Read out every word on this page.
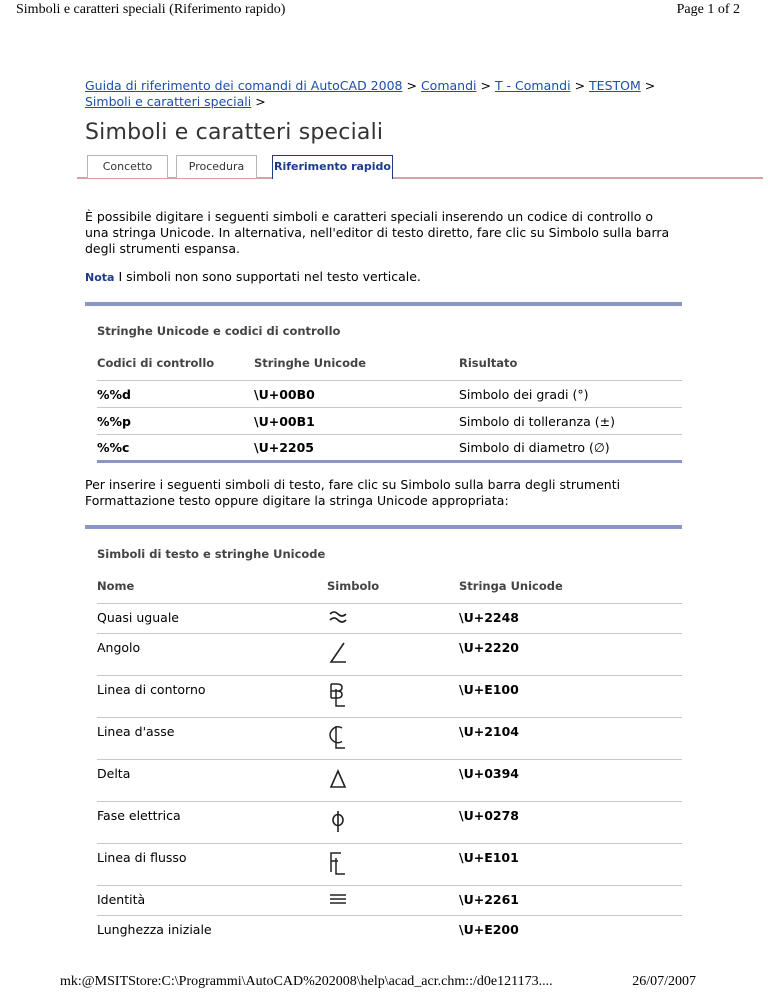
Simboli e caratteri speciali (Riferimento rapido)	Page 1 of 2
Guida di riferimento dei comandi di AutoCAD 2008 > Comandi > T - Comandi > TESTOM > Simboli e caratteri speciali >
Simboli e caratteri speciali
Concetto	Procedura	Riferimento rapido

È possibile digitare i seguenti simboli e caratteri speciali inserendo un codice di controllo o una stringa Unicode. In alternativa, nell'editor di testo diretto, fare clic su Simbolo sulla barra degli strumenti espansa.

Nota I simboli non sono supportati nel testo verticale.

Stringhe Unicode e codici di controllo
Codici di controllo	Stringhe Unicode	Risultato
%%d	\U+00B0	Simbolo dei gradi (°)
%%p	\U+00B1	Simbolo di tolleranza (±)
%%c	\U+2205	Simbolo di diametro (∅)

Per inserire i seguenti simboli di testo, fare clic su Simbolo sulla barra degli strumenti Formattazione testo oppure digitare la stringa Unicode appropriata:

Simboli di testo e stringhe Unicode
Nome	Simbolo	Stringa Unicode
Quasi uguale		\U+2248
Angolo		\U+2220
Linea di contorno		\U+E100
Linea d'asse		\U+2104
Delta		\U+0394
Fase elettrica		\U+0278
Linea di flusso		\U+E101
Identità		\U+2261
Lunghezza iniziale		\U+E200
mk:@MSITStore:C:\Programmi\AutoCAD%202008\help\acad_acr.chm::/d0e121173....	26/07/2007
